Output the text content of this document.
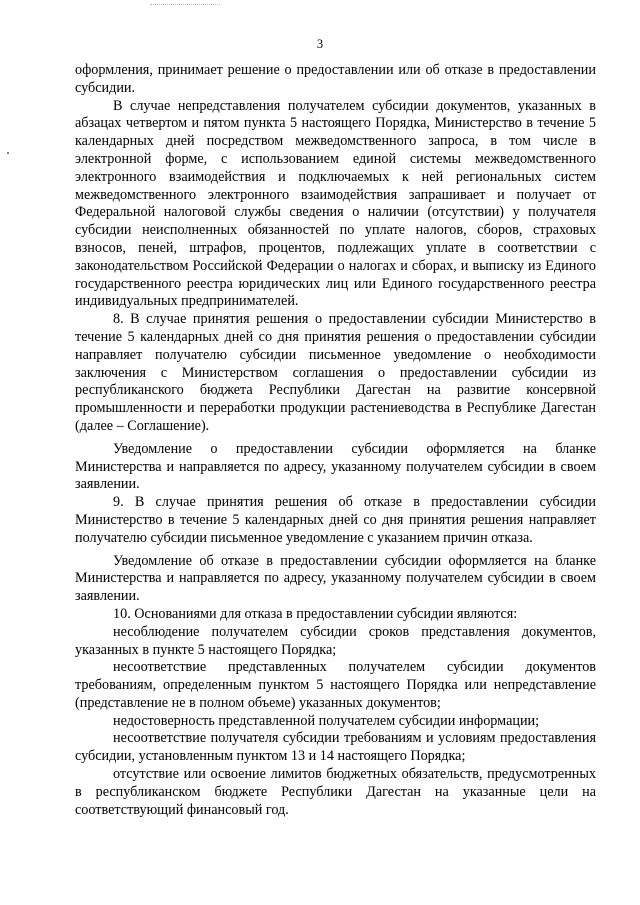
3

оформления, принимает решение о предоставлении или об отказе в предоставлении субсидии.

В случае непредставления получателем субсидии документов, указанных в абзацах четвертом и пятом пункта 5 настоящего Порядка, Министерство в течение 5 календарных дней посредством межведомственного запроса, в том числе в электронной форме, с использованием единой системы межведомственного электронного взаимодействия и подключаемых к ней региональных систем межведомственного электронного взаимодействия запрашивает и получает от Федеральной налоговой службы сведения о наличии (отсутствии) у получателя субсидии неисполненных обязанностей по уплате налогов, сборов, страховых взносов, пеней, штрафов, процентов, подлежащих уплате в соответствии с законодательством Российской Федерации о налогах и сборах, и выписку из Единого государственного реестра юридических лиц или Единого государственного реестра индивидуальных предпринимателей.

8. В случае принятия решения о предоставлении субсидии Министерство в течение 5 календарных дней со дня принятия решения о предоставлении субсидии направляет получателю субсидии письменное уведомление о необходимости заключения с Министерством соглашения о предоставлении субсидии из республиканского бюджета Республики Дагестан на развитие консервной промышленности и переработки продукции растениеводства в Республике Дагестан (далее – Соглашение).

Уведомление о предоставлении субсидии оформляется на бланке Министерства и направляется по адресу, указанному получателем субсидии в своем заявлении.

9. В случае принятия решения об отказе в предоставлении субсидии Министерство в течение 5 календарных дней со дня принятия решения направляет получателю субсидии письменное уведомление с указанием причин отказа.

Уведомление об отказе в предоставлении субсидии оформляется на бланке Министерства и направляется по адресу, указанному получателем субсидии в своем заявлении.

10. Основаниями для отказа в предоставлении субсидии являются:

несоблюдение получателем субсидии сроков представления документов, указанных в пункте 5 настоящего Порядка;

несоответствие представленных получателем субсидии документов требованиям, определенным пунктом 5 настоящего Порядка или непредставление (представление не в полном объеме) указанных документов;

недостоверность представленной получателем субсидии информации;

несоответствие получателя субсидии требованиям и условиям предоставления субсидии, установленным пунктом 13 и 14 настоящего Порядка;

отсутствие или освоение лимитов бюджетных обязательств, предусмотренных в республиканском бюджете Республики Дагестан на указанные цели на соответствующий финансовый год.
